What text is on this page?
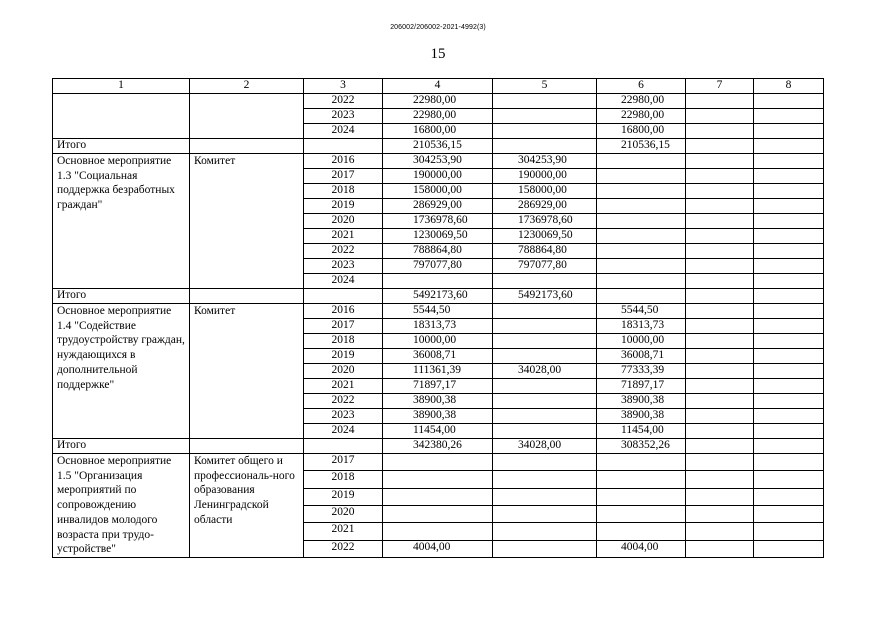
206002/206002-2021-4992(3)
15
1	2	3	4	5	6	7	8
		2022	22980,00		22980,00		
		2023	22980,00		22980,00		
		2024	16800,00		16800,00		
Итого			210536,15		210536,15		
Основное мероприятие 1.3 "Социальная поддержка безработных граждан"	Комитет	2016	304253,90	304253,90			
		2017	190000,00	190000,00			
		2018	158000,00	158000,00			
		2019	286929,00	286929,00			
		2020	1736978,60	1736978,60			
		2021	1230069,50	1230069,50			
		2022	788864,80	788864,80			
		2023	797077,80	797077,80			
		2024					
Итого			5492173,60	5492173,60			
Основное мероприятие 1.4 "Содействие трудоустройству граждан, нуждающихся в дополнительной поддержке"	Комитет	2016	5544,50		5544,50		
		2017	18313,73		18313,73		
		2018	10000,00		10000,00		
		2019	36008,71		36008,71		
		2020	111361,39	34028,00	77333,39		
		2021	71897,17		71897,17		
		2022	38900,38		38900,38		
		2023	38900,38		38900,38		
		2024	11454,00		11454,00		
Итого			342380,26	34028,00	308352,26		
Основное мероприятие 1.5 "Организация мероприятий по сопровождению инвалидов молодого возраста при трудо-устройстве"	Комитет общего и профессиональ-ного образования Ленинградской области	2017					
		2018					
		2019					
		2020					
		2021					
		2022	4004,00		4004,00		
